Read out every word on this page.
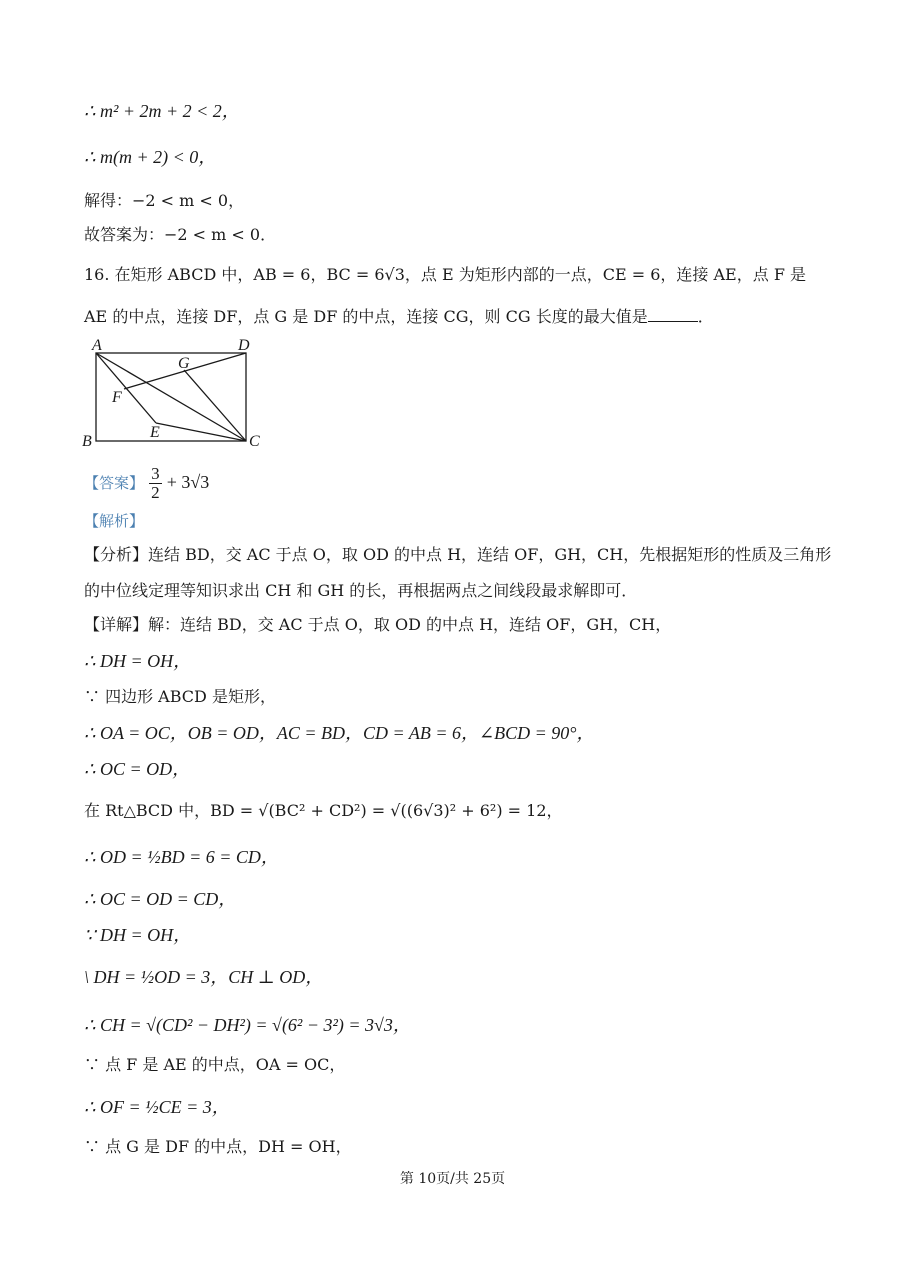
∴ m² + 2m + 2 < 2，
∴ m(m + 2) < 0，
解得：−2 < m < 0，
故答案为：−2 < m < 0．
16. 在矩形 ABCD 中，AB = 6，BC = 6√3，点 E 为矩形内部的一点，CE = 6，连接 AE，点 F 是
AE 的中点，连接 DF，点 G 是 DF 的中点，连接 CG，则 CG 长度的最大值是	．
A	D
G
F
E
B	C
【答案】 $\frac{3}{2} + 3√3$
【解析】
【分析】连结 BD，交 AC 于点 O，取 OD 的中点 H，连结 OF，GH，CH，先根据矩形的性质及三角形
的中位线定理等知识求出 CH 和 GH 的长，再根据两点之间线段最求解即可．
【详解】解：连结 BD，交 AC 于点 O，取 OD 的中点 H，连结 OF，GH，CH，
∴ DH = OH，
∵ 四边形 ABCD 是矩形，
∴ OA = OC，OB = OD，AC = BD，CD = AB = 6，∠BCD = 90°，
∴ OC = OD，
在 Rt△BCD 中，BD = √(BC² + CD²) = √((6√3)² + 6²) = 12，
∴ OD = ½BD = 6 = CD，
∴ OC = OD = CD，
∵ DH = OH，
\ DH = ½OD = 3，CH ⊥ OD，
∴ CH = √(CD² − DH²) = √(6² − 3²) = 3√3，
∵ 点 F 是 AE 的中点，OA = OC，
∴ OF = ½CE = 3，
∵ 点 G 是 DF 的中点，DH = OH，
第 10页/共 25页
